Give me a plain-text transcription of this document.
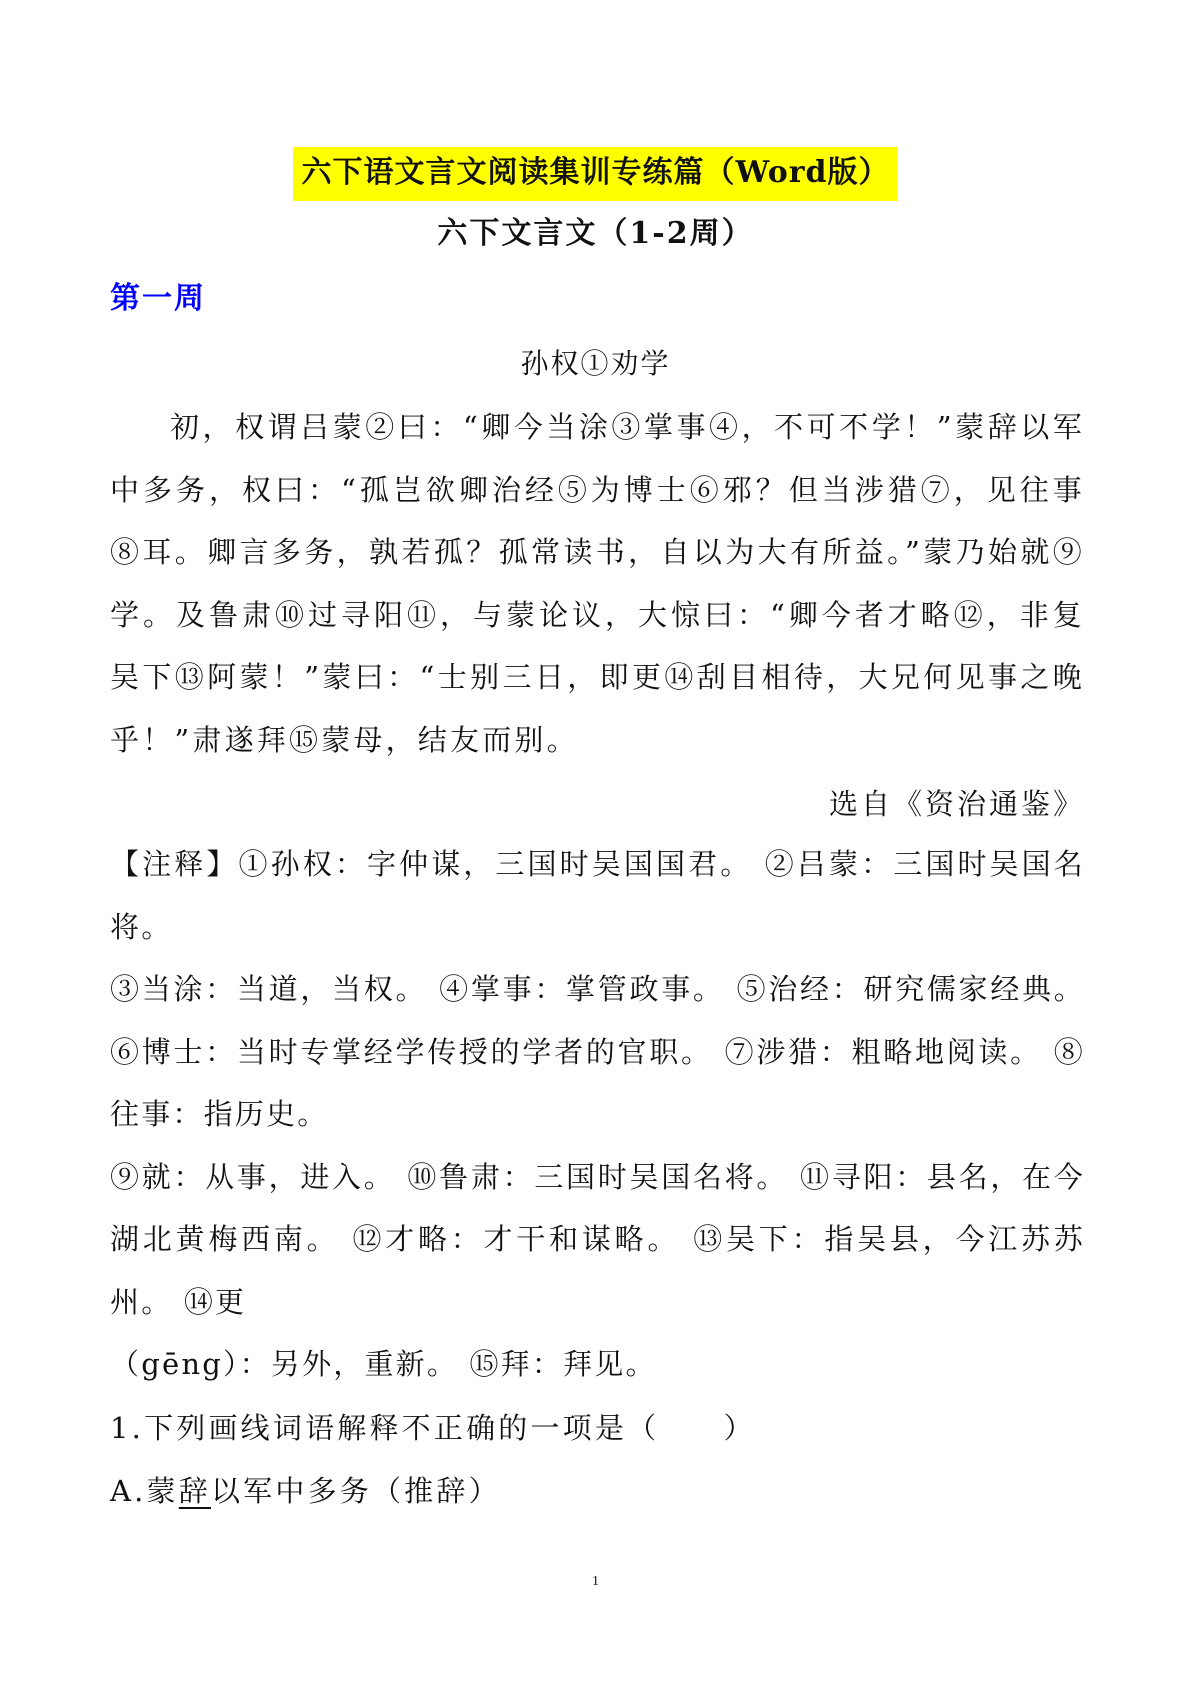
六下语文言文阅读集训专练篇（Word版）
六下文言文（1-2周）
第一周
孙权①劝学
初，权谓吕蒙②曰：“卿今当涂③掌事④，不可不学！”蒙辞以军中多务，权曰：“孤岂欲卿治经⑤为博士⑥邪？但当涉猎⑦，见往事⑧耳。卿言多务，孰若孤？孤常读书，自以为大有所益。”蒙乃始就⑨学。及鲁肃⑩过寻阳⑪，与蒙论议，大惊曰：“卿今者才略⑫，非复吴下⑬阿蒙！”蒙曰：“士别三日，即更⑭刮目相待，大兄何见事之晚乎！”肃遂拜⑮蒙母，结友而别。
选自《资治通鉴》

【注释】①孙权：字仲谋，三国时吴国国君。 ②吕蒙：三国时吴国名将。

③当涂：当道，当权。 ④掌事：掌管政事。 ⑤治经：研究儒家经典。⑥博士：当时专掌经学传授的学者的官职。 ⑦涉猎：粗略地阅读。 ⑧往事：指历史。

⑨就：从事，进入。 ⑩鲁肃：三国时吴国名将。 ⑪寻阳：县名，在今湖北黄梅西南。 ⑫才略：才干和谋略。 ⑬吴下：指吴县，今江苏苏州。 ⑭更

（gēng）：另外，重新。 ⑮拜：拜见。

1.下列画线词语解释不正确的一项是（　　）

A.蒙辞以军中多务（推辞）

1
